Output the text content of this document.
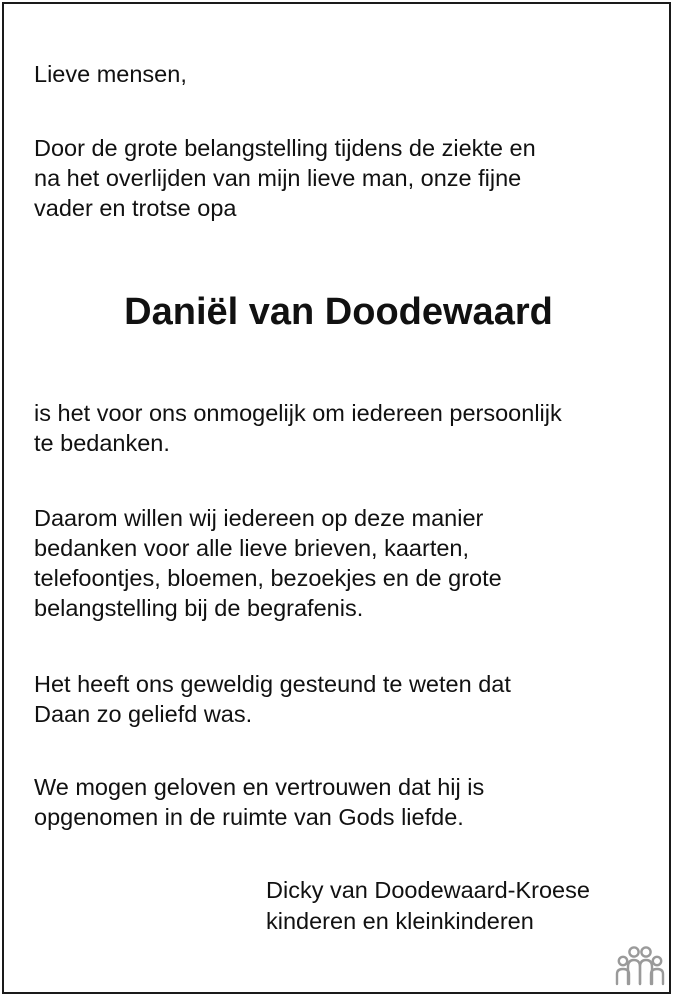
Lieve mensen,

Door de grote belangstelling tijdens de ziekte en
na het overlijden van mijn lieve man, onze fijne
vader en trotse opa

Daniël van Doodewaard

is het voor ons onmogelijk om iedereen persoonlijk
te bedanken.

Daarom willen wij iedereen op deze manier
bedanken voor alle lieve brieven, kaarten,
telefoontjes, bloemen, bezoekjes en de grote
belangstelling bij de begrafenis.

Het heeft ons geweldig gesteund te weten dat
Daan zo geliefd was.

We mogen geloven en vertrouwen dat hij is
opgenomen in de ruimte van Gods liefde.

Dicky van Doodewaard-Kroese
kinderen en kleinkinderen
